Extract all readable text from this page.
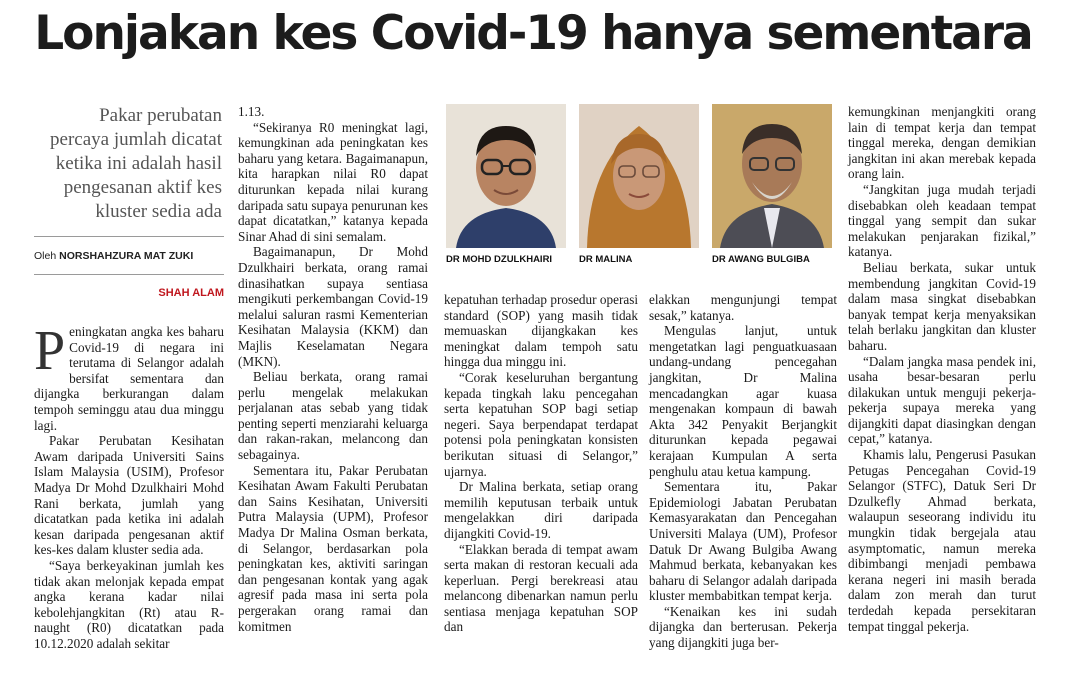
Lonjakan kes Covid-19 hanya sementara
Pakar perubatan percaya jumlah dicatat ketika ini adalah hasil pengesanan aktif kes kluster sedia ada
Oleh NORSHAHZURA MAT ZUKI
SHAH ALAM

Peningkatan angka kes baharu Covid-19 di negara ini terutama di Selangor adalah bersifat sementara dan dijangka berkurangan dalam tempoh seminggu atau dua minggu lagi.

Pakar Perubatan Kesihatan Awam daripada Universiti Sains Islam Malaysia (USIM), Profesor Madya Dr Mohd Dzulkhairi Mohd Rani berkata, jumlah yang dicatatkan pada ketika ini adalah kesan daripada pengesanan aktif kes-kes dalam kluster sedia ada.

“Saya berkeyakinan jumlah kes tidak akan melonjak kepada empat angka kerana kadar nilai kebolehjangkitan (Rt) atau R-naught (R0) dicatatkan pada 10.12.2020 adalah sekitar

1.13.

“Sekiranya R0 meningkat lagi, kemungkinan ada peningkatan kes baharu yang ketara. Bagaimanapun, kita harapkan nilai R0 dapat diturunkan kepada nilai kurang daripada satu supaya penurunan kes dapat dicatatkan,” katanya kepada Sinar Ahad di sini semalam.

Bagaimanapun, Dr Mohd Dzulkhairi berkata, orang ramai dinasihatkan supaya sentiasa mengikuti perkembangan Covid-19 melalui saluran rasmi Kementerian Kesihatan Malaysia (KKM) dan Majlis Keselamatan Negara (MKN).

Beliau berkata, orang ramai perlu mengelak melakukan perjalanan atas sebab yang tidak penting seperti menziarahi keluarga dan rakan-rakan, melancong dan sebagainya.

Sementara itu, Pakar Perubatan Kesihatan Awam Fakulti Perubatan dan Sains Kesihatan, Universiti Putra Malaysia (UPM), Profesor Madya Dr Malina Osman berkata, di Selangor, berdasarkan pola peningkatan kes, aktiviti saringan dan pengesanan kontak yang agak agresif pada masa ini serta pola pergerakan orang ramai dan komitmen

DR MOHD DZULKHAIRI	DR MALINA	DR AWANG BULGIBA

kepatuhan terhadap prosedur operasi standard (SOP) yang masih tidak memuaskan dijangkakan kes meningkat dalam tempoh satu hingga dua minggu ini.

“Corak keseluruhan bergantung kepada tingkah laku pencegahan serta kepatuhan SOP bagi setiap negeri. Saya berpendapat terdapat potensi pola peningkatan konsisten berikutan situasi di Selangor,” ujarnya.

Dr Malina berkata, setiap orang memilih keputusan terbaik untuk mengelakkan diri daripada dijangkiti Covid-19.

“Elakkan berada di tempat awam serta makan di restoran kecuali ada keperluan. Pergi berekreasi atau melancong dibenarkan namun perlu sentiasa menjaga kepatuhan SOP dan

elakkan mengunjungi tempat sesak,” katanya.

Mengulas lanjut, untuk mengetatkan lagi penguatkuasaan undang-undang pencegahan jangkitan, Dr Malina mencadangkan agar kuasa mengenakan kompaun di bawah Akta 342 Penyakit Berjangkit diturunkan kepada pegawai kerajaan Kumpulan A serta penghulu atau ketua kampung.

Sementara itu, Pakar Epidemiologi Jabatan Perubatan Kemasyarakatan dan Pencegahan Universiti Malaya (UM), Profesor Datuk Dr Awang Bulgiba Awang Mahmud berkata, kebanyakan kes baharu di Selangor adalah daripada kluster membabitkan tempat kerja.

“Kenaikan kes ini sudah dijangka dan berterusan. Pekerja yang dijangkiti juga ber-

kemungkinan menjangkiti orang lain di tempat kerja dan tempat tinggal mereka, dengan demikian jangkitan ini akan merebak kepada orang lain.

“Jangkitan juga mudah terjadi disebabkan oleh keadaan tempat tinggal yang sempit dan sukar melakukan penjarakan fizikal,” katanya.

Beliau berkata, sukar untuk membendung jangkitan Covid-19 dalam masa singkat disebabkan banyak tempat kerja menyaksikan telah berlaku jangkitan dan kluster baharu.

“Dalam jangka masa pendek ini, usaha besar-besaran perlu dilakukan untuk menguji pekerja-pekerja supaya mereka yang dijangkiti dapat diasingkan dengan cepat,” katanya.

Khamis lalu, Pengerusi Pasukan Petugas Pencegahan Covid-19 Selangor (STFC), Datuk Seri Dr Dzulkefly Ahmad berkata, walaupun seseorang individu itu mungkin tidak bergejala atau asymptomatic, namun mereka dibimbangi menjadi pembawa kerana negeri ini masih berada dalam zon merah dan turut terdedah kepada persekitaran tempat tinggal pekerja.
